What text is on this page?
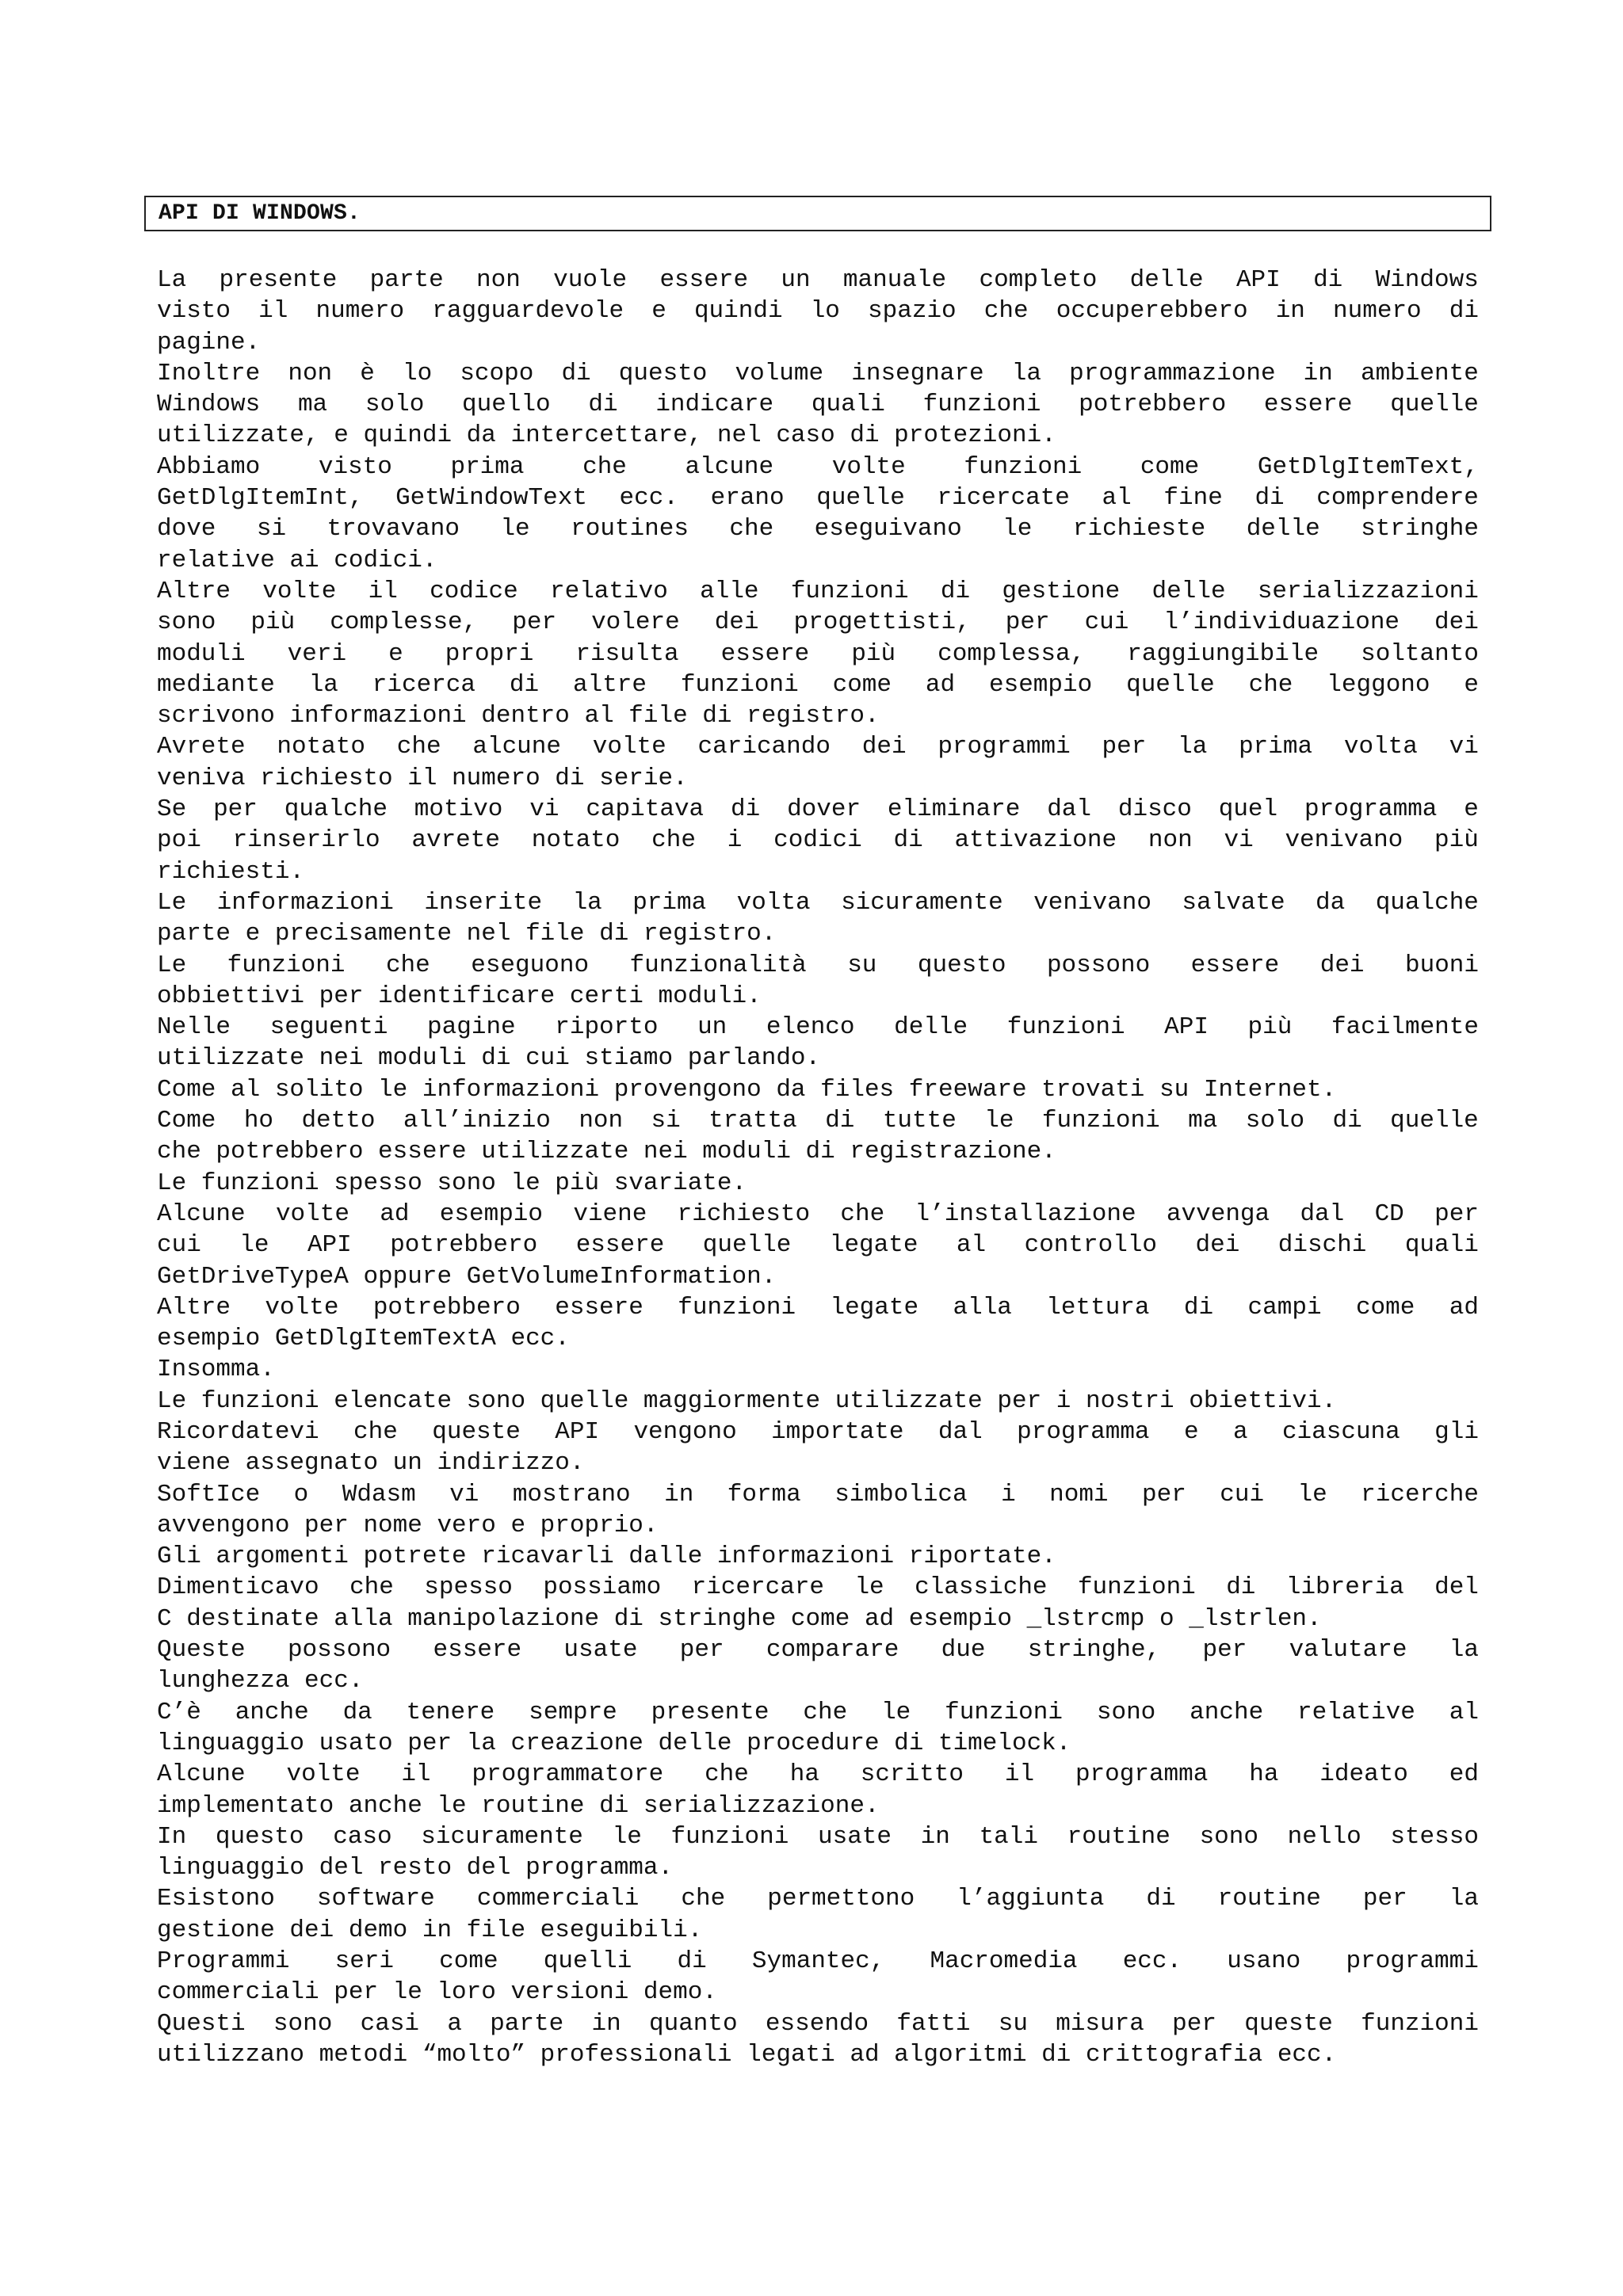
API DI WINDOWS.
La presente parte non vuole essere un manuale completo delle API di Windows
visto il numero ragguardevole e quindi lo spazio che occuperebbero in numero di
pagine.
Inoltre non è lo scopo di questo volume insegnare la programmazione in ambiente
Windows ma solo quello di indicare quali funzioni potrebbero essere quelle
utilizzate, e quindi da intercettare, nel caso di protezioni.
Abbiamo visto prima che alcune volte funzioni come GetDlgItemText,
GetDlgItemInt, GetWindowText ecc. erano quelle ricercate al fine di comprendere
dove si trovavano le routines che eseguivano le richieste delle stringhe
relative ai codici.
Altre volte il codice relativo alle funzioni di gestione delle serializzazioni
sono più complesse, per volere dei progettisti, per cui l’individuazione dei
moduli veri e propri risulta essere più complessa, raggiungibile soltanto
mediante la ricerca di altre funzioni come ad esempio quelle che leggono e
scrivono informazioni dentro al file di registro.
Avrete notato che alcune volte caricando dei programmi per la prima volta vi
veniva richiesto il numero di serie.
Se per qualche motivo vi capitava di dover eliminare dal disco quel programma e
poi rinserirlo avrete notato che i codici di attivazione non vi venivano più
richiesti.
Le informazioni inserite la prima volta sicuramente venivano salvate da qualche
parte e precisamente nel file di registro.
Le funzioni che eseguono funzionalità su questo possono essere dei buoni
obbiettivi per identificare certi moduli.
Nelle seguenti pagine riporto un elenco delle funzioni API più facilmente
utilizzate nei moduli di cui stiamo parlando.
Come al solito le informazioni provengono da files freeware trovati su Internet.
Come ho detto all’inizio non si tratta di tutte le funzioni ma solo di quelle
che potrebbero essere utilizzate nei moduli di registrazione.
Le funzioni spesso sono le più svariate.
Alcune volte ad esempio viene richiesto che l’installazione avvenga dal CD per
cui le API potrebbero essere quelle legate al controllo dei dischi quali
GetDriveTypeA oppure GetVolumeInformation.
Altre volte potrebbero essere funzioni legate alla lettura di campi come ad
esempio GetDlgItemTextA ecc.
Insomma.
Le funzioni elencate sono quelle maggiormente utilizzate per i nostri obiettivi.
Ricordatevi che queste API vengono importate dal programma e a ciascuna gli
viene assegnato un indirizzo.
SoftIce o Wdasm vi mostrano in forma simbolica i nomi per cui le ricerche
avvengono per nome vero e proprio.
Gli argomenti potrete ricavarli dalle informazioni riportate.
Dimenticavo che spesso possiamo ricercare le classiche funzioni di libreria del
C destinate alla manipolazione di stringhe come ad esempio _lstrcmp o _lstrlen.
Queste possono essere usate per comparare due stringhe, per valutare la
lunghezza ecc.
C’è anche da tenere sempre presente che le funzioni sono anche relative al
linguaggio usato per la creazione delle procedure di timelock.
Alcune volte il programmatore che ha scritto il programma ha ideato ed
implementato anche le routine di serializzazione.
In questo caso sicuramente le funzioni usate in tali routine sono nello stesso
linguaggio del resto del programma.
Esistono software commerciali che permettono l’aggiunta di routine per la
gestione dei demo in file eseguibili.
Programmi seri come quelli di Symantec, Macromedia ecc. usano programmi
commerciali per le loro versioni demo.
Questi sono casi a parte in quanto essendo fatti su misura per queste funzioni
utilizzano metodi “molto” professionali legati ad algoritmi di crittografia ecc.
